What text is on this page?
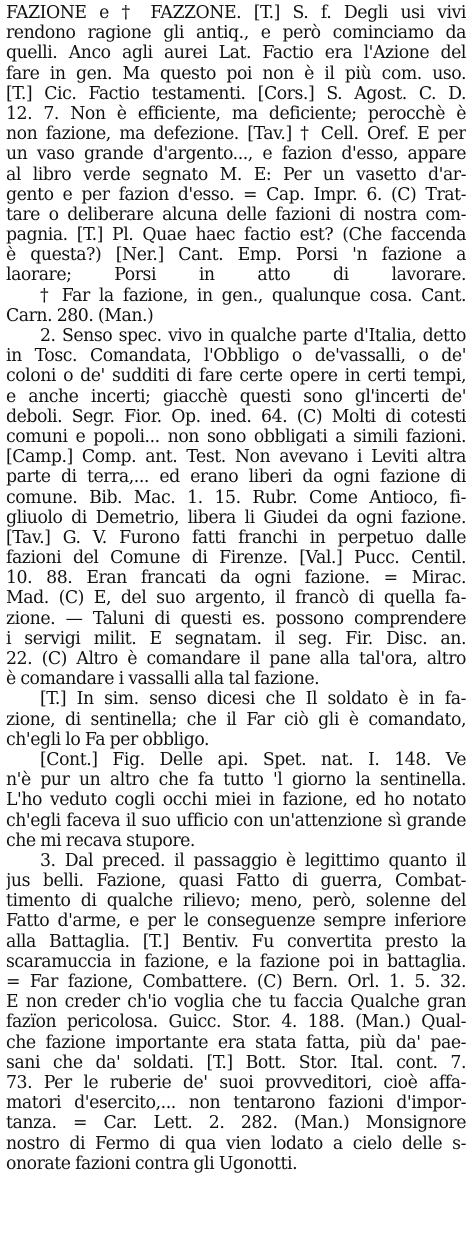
FAZIONE e † FAZZONE. [T.] S. f. Degli usi vivi
rendono ragione gli antiq., e però cominciamo da
quelli. Anco agli aurei Lat. Factio era l'Azione del
fare in gen. Ma questo poi non è il più com. uso.
[T.] Cic. Factio testamenti. [Cors.] S. Agost. C. D.
12. 7. Non è efficiente, ma deficiente; perocchè è
non fazione, ma defezione. [Tav.] † Cell. Oref. E per
un vaso grande d'argento..., e fazion d'esso, appare
al libro verde segnato M. E: Per un vasetto d'ar-
gento e per fazion d'esso. = Cap. Impr. 6. (C) Trat-
tare o deliberare alcuna delle fazioni di nostra com-
pagnia. [T.] Pl. Quae haec factio est? (Che faccenda
è questa?) [Ner.] Cant. Emp. Porsi 'n fazione a
laorare; Porsi in atto di lavorare.
† Far la fazione, in gen., qualunque cosa. Cant.
Carn. 280. (Man.)
2. Senso spec. vivo in qualche parte d'Italia, detto
in Tosc. Comandata, l'Obbligo o de'vassalli, o de'
coloni o de' sudditi di fare certe opere in certi tempi,
e anche incerti; giacchè questi sono gl'incerti de'
deboli. Segr. Fior. Op. ined. 64. (C) Molti di cotesti
comuni e popoli... non sono obbligati a simili fazioni.
[Camp.] Comp. ant. Test. Non avevano i Leviti altra
parte di terra,... ed erano liberi da ogni fazione di
comune. Bib. Mac. 1. 15. Rubr. Come Antioco, fi-
gliuolo di Demetrio, libera li Giudei da ogni fazione.
[Tav.] G. V. Furono fatti franchi in perpetuo dalle
fazioni del Comune di Firenze. [Val.] Pucc. Centil.
10. 88. Eran francati da ogni fazione. = Mirac.
Mad. (C) E, del suo argento, il francò di quella fa-
zione. — Taluni di questi es. possono comprendere
i servigi milit. E segnatam. il seg. Fir. Disc. an.
22. (C) Altro è comandare il pane alla tal'ora, altro
è comandare i vassalli alla tal fazione.
[T.] In sim. senso dicesi che Il soldato è in fa-
zione, di sentinella; che il Far ciò gli è comandato,
ch'egli lo Fa per obbligo.
[Cont.] Fig. Delle api. Spet. nat. I. 148. Ve
n'è pur un altro che fa tutto 'l giorno la sentinella.
L'ho veduto cogli occhi miei in fazione, ed ho notato
ch'egli faceva il suo ufficio con un'attenzione sì grande
che mi recava stupore.
3. Dal preced. il passaggio è legittimo quanto il
jus belli. Fazione, quasi Fatto di guerra, Combat-
timento di qualche rilievo; meno, però, solenne del
Fatto d'arme, e per le conseguenze sempre inferiore
alla Battaglia. [T.] Bentiv. Fu convertita presto la
scaramuccia in fazione, e la fazione poi in battaglia.
= Far fazione, Combattere. (C) Bern. Orl. 1. 5. 32.
E non creder ch'io voglia che tu faccia Qualche gran
fazïon pericolosa. Guicc. Stor. 4. 188. (Man.) Qual-
che fazione importante era stata fatta, più da' paе-
sani che da' soldati. [T.] Bott. Stor. Ital. cont. 7.
73. Per le ruberie de' suoi provveditori, cioè affa-
matori d'esercito,... non tentarono fazioni d'impor-
tanza. = Car. Lett. 2. 282. (Man.) Monsignore
nostro di Fermo di qua vien lodato a cielo delle s-
onorate fazioni contra gli Ugonotti.
